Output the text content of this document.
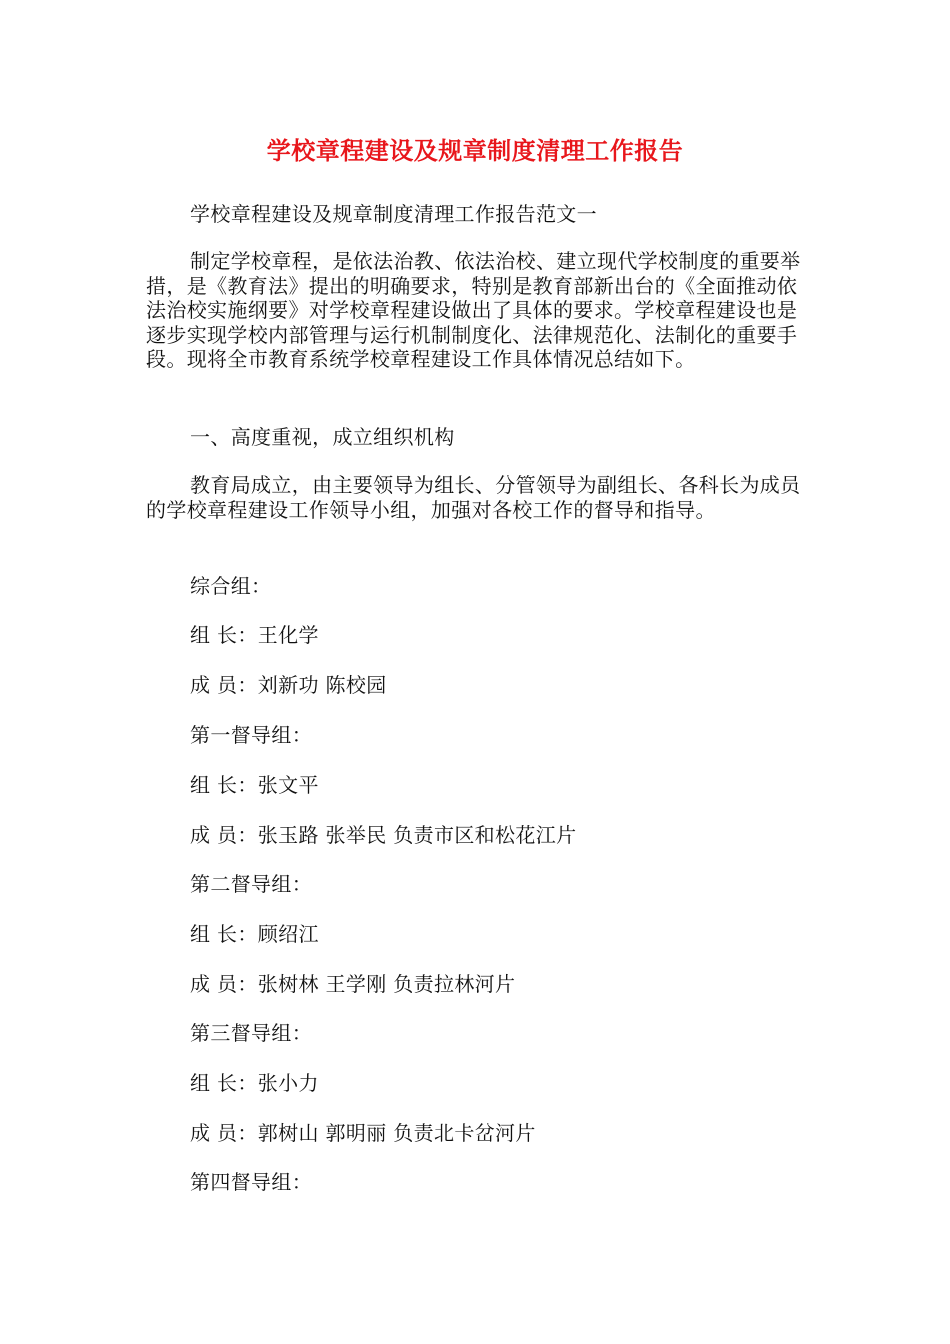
学校章程建设及规章制度清理工作报告
学校章程建设及规章制度清理工作报告范文一

制定学校章程，是依法治教、依法治校、建立现代学校制度的重要举措，是《教育法》提出的明确要求，特别是教育部新出台的《全面推动依法治校实施纲要》对学校章程建设做出了具体的要求。学校章程建设也是逐步实现学校内部管理与运行机制制度化、法律规范化、法制化的重要手段。现将全市教育系统学校章程建设工作具体情况总结如下。

一、高度重视，成立组织机构

教育局成立，由主要领导为组长、分管领导为副组长、各科长为成员的学校章程建设工作领导小组，加强对各校工作的督导和指导。

综合组：
组 长：王化学
成 员：刘新功 陈校园
第一督导组：
组 长：张文平
成 员：张玉路 张举民 负责市区和松花江片
第二督导组：
组 长：顾绍江
成 员：张树林 王学刚 负责拉林河片
第三督导组：
组 长：张小力
成 员：郭树山 郭明丽 负责北卡岔河片
第四督导组：
